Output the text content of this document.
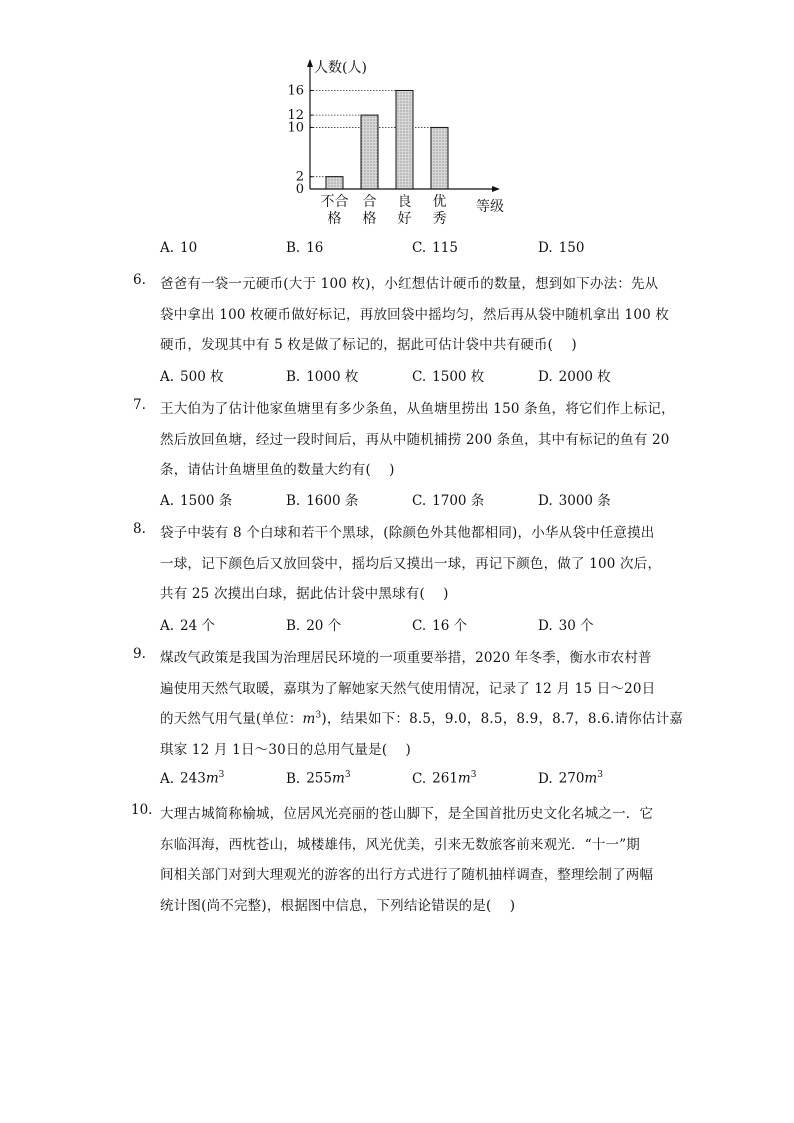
0
2
10
12
16
人数(人)
不合
格
合
格
良
好
优
秀
等级
A. 10	B. 16	C. 115	D. 150
6. 爸爸有一袋一元硬币(大于 100 枚)，小红想估计硬币的数量，想到如下办法：先从
袋中拿出 100 枚硬币做好标记，再放回袋中摇均匀，然后再从袋中随机拿出 100 枚
硬币，发现其中有 5 枚是做了标记的，据此可估计袋中共有硬币(　 )
A. 500 枚	B. 1000 枚	C. 1500 枚	D. 2000 枚
7. 王大伯为了估计他家鱼塘里有多少条鱼，从鱼塘里捞出 150 条鱼，将它们作上标记，
然后放回鱼塘，经过一段时间后，再从中随机捕捞 200 条鱼，其中有标记的鱼有 20
条，请估计鱼塘里鱼的数量大约有(　 )
A. 1500 条	B. 1600 条	C. 1700 条	D. 3000 条
8. 袋子中装有 8 个白球和若干个黑球，(除颜色外其他都相同)，小华从袋中任意摸出
一球，记下颜色后又放回袋中，摇均后又摸出一球，再记下颜色，做了 100 次后，
共有 25 次摸出白球，据此估计袋中黑球有(　 )
A. 24 个	B. 20 个	C. 16 个	D. 30 个
9. 煤改气政策是我国为治理居民环境的一项重要举措，2020 年冬季，衡水市农村普
遍使用天然气取暖，嘉琪为了解她家天然气使用情况，记录了 12 月 15 日～20日
的天然气用气量(单位：$m^3$)，结果如下：8.5，9.0，8.5，8.9，8.7，8.6.请你估计嘉
琪家 12 月 1日～30日的总用气量是(　 )
A. $243m^3$	B. $255m^3$	C. $261m^3$	D. $270m^3$
10. 大理古城简称榆城，位居风光亮丽的苍山脚下，是全国首批历史文化名城之一．它
东临洱海，西枕苍山，城楼雄伟，风光优美，引来无数旅客前来观光．“十一”期
间相关部门对到大理观光的游客的出行方式进行了随机抽样调查，整理绘制了两幅
统计图(尚不完整)，根据图中信息，下列结论错误的是(　 )
